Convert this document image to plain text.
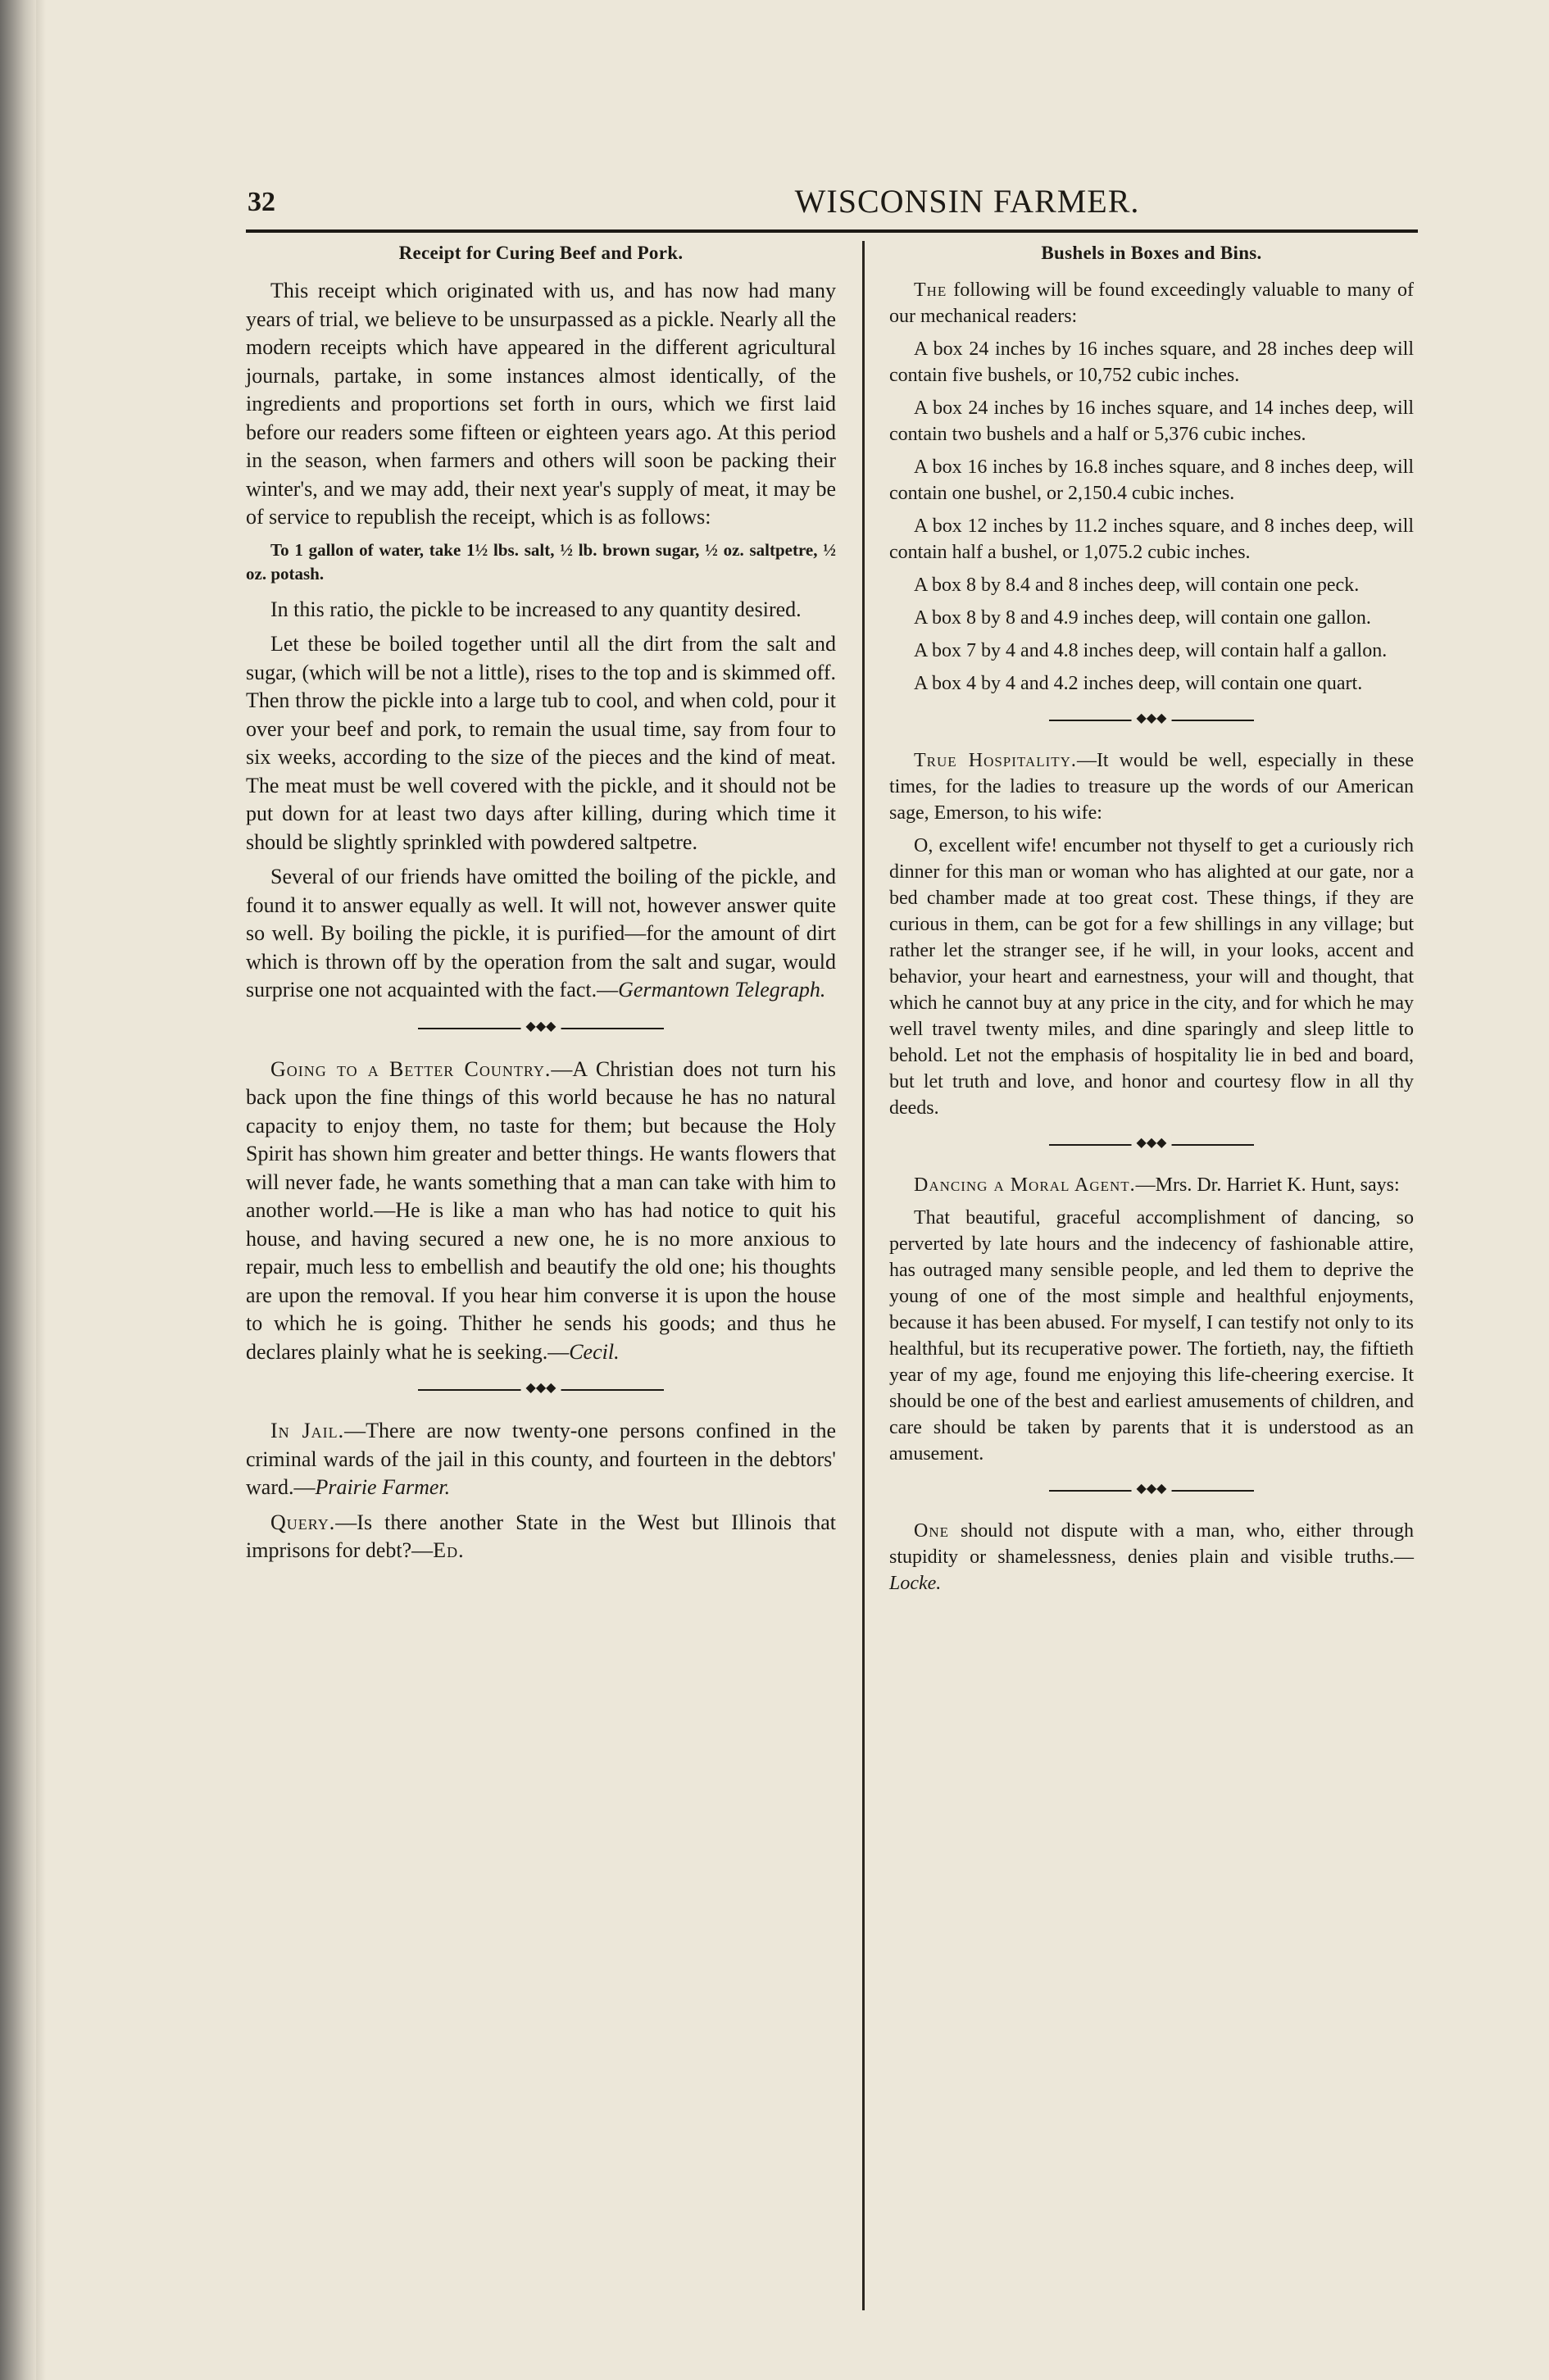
32	WISCONSIN FARMER.
Receipt for Curing Beef and Pork.

This receipt which originated with us, and has now had many years of trial, we believe to be unsurpassed as a pickle. Nearly all the modern receipts which have appeared in the different agricultural journals, partake, in some instances almost identically, of the ingredients and proportions set forth in ours, which we first laid before our readers some fifteen or eighteen years ago. At this period in the season, when farmers and others will soon be packing their winter's, and we may add, their next year's supply of meat, it may be of service to republish the receipt, which is as follows:

To 1 gallon of water, take 1½ lbs. salt, ½ lb. brown sugar, ½ oz. saltpetre, ½ oz. potash.

In this ratio, the pickle to be increased to any quantity desired.

Let these be boiled together until all the dirt from the salt and sugar, (which will be not a little), rises to the top and is skimmed off. Then throw the pickle into a large tub to cool, and when cold, pour it over your beef and pork, to remain the usual time, say from four to six weeks, according to the size of the pieces and the kind of meat. The meat must be well covered with the pickle, and it should not be put down for at least two days after killing, during which time it should be slightly sprinkled with powdered saltpetre.

Several of our friends have omitted the boiling of the pickle, and found it to answer equally as well. It will not, however answer quite so well. By boiling the pickle, it is purified—for the amount of dirt which is thrown off by the operation from the salt and sugar, would surprise one not acquainted with the fact.—Germantown Telegraph.

◆◆◆

Going to a Better Country.—A Christian does not turn his back upon the fine things of this world because he has no natural capacity to enjoy them, no taste for them; but because the Holy Spirit has shown him greater and better things. He wants flowers that will never fade, he wants something that a man can take with him to another world.—He is like a man who has had notice to quit his house, and having secured a new one, he is no more anxious to repair, much less to embellish and beautify the old one; his thoughts are upon the removal. If you hear him converse it is upon the house to which he is going. Thither he sends his goods; and thus he declares plainly what he is seeking.—Cecil.

◆◆◆

In Jail.—There are now twenty-one persons confined in the criminal wards of the jail in this county, and fourteen in the debtors' ward.—Prairie Farmer.

Query.—Is there another State in the West but Illinois that imprisons for debt?—Ed.

Bushels in Boxes and Bins.

The following will be found exceedingly valuable to many of our mechanical readers:

A box 24 inches by 16 inches square, and 28 inches deep will contain five bushels, or 10,752 cubic inches.

A box 24 inches by 16 inches square, and 14 inches deep, will contain two bushels and a half or 5,376 cubic inches.

A box 16 inches by 16.8 inches square, and 8 inches deep, will contain one bushel, or 2,150.4 cubic inches.

A box 12 inches by 11.2 inches square, and 8 inches deep, will contain half a bushel, or 1,075.2 cubic inches.

A box 8 by 8.4 and 8 inches deep, will contain one peck.

A box 8 by 8 and 4.9 inches deep, will contain one gallon.

A box 7 by 4 and 4.8 inches deep, will contain half a gallon.

A box 4 by 4 and 4.2 inches deep, will contain one quart.

◆◆◆

True Hospitality.—It would be well, especially in these times, for the ladies to treasure up the words of our American sage, Emerson, to his wife:

O, excellent wife! encumber not thyself to get a curiously rich dinner for this man or woman who has alighted at our gate, nor a bed chamber made at too great cost. These things, if they are curious in them, can be got for a few shillings in any village; but rather let the stranger see, if he will, in your looks, accent and behavior, your heart and earnestness, your will and thought, that which he cannot buy at any price in the city, and for which he may well travel twenty miles, and dine sparingly and sleep little to behold. Let not the emphasis of hospitality lie in bed and board, but let truth and love, and honor and courtesy flow in all thy deeds.

◆◆◆

Dancing a Moral Agent.—Mrs. Dr. Harriet K. Hunt, says:

That beautiful, graceful accomplishment of dancing, so perverted by late hours and the indecency of fashionable attire, has outraged many sensible people, and led them to deprive the young of one of the most simple and healthful enjoyments, because it has been abused. For myself, I can testify not only to its healthful, but its recuperative power. The fortieth, nay, the fiftieth year of my age, found me enjoying this life-cheering exercise. It should be one of the best and earliest amusements of children, and care should be taken by parents that it is understood as an amusement.

◆◆◆

One should not dispute with a man, who, either through stupidity or shamelessness, denies plain and visible truths.—Locke.
